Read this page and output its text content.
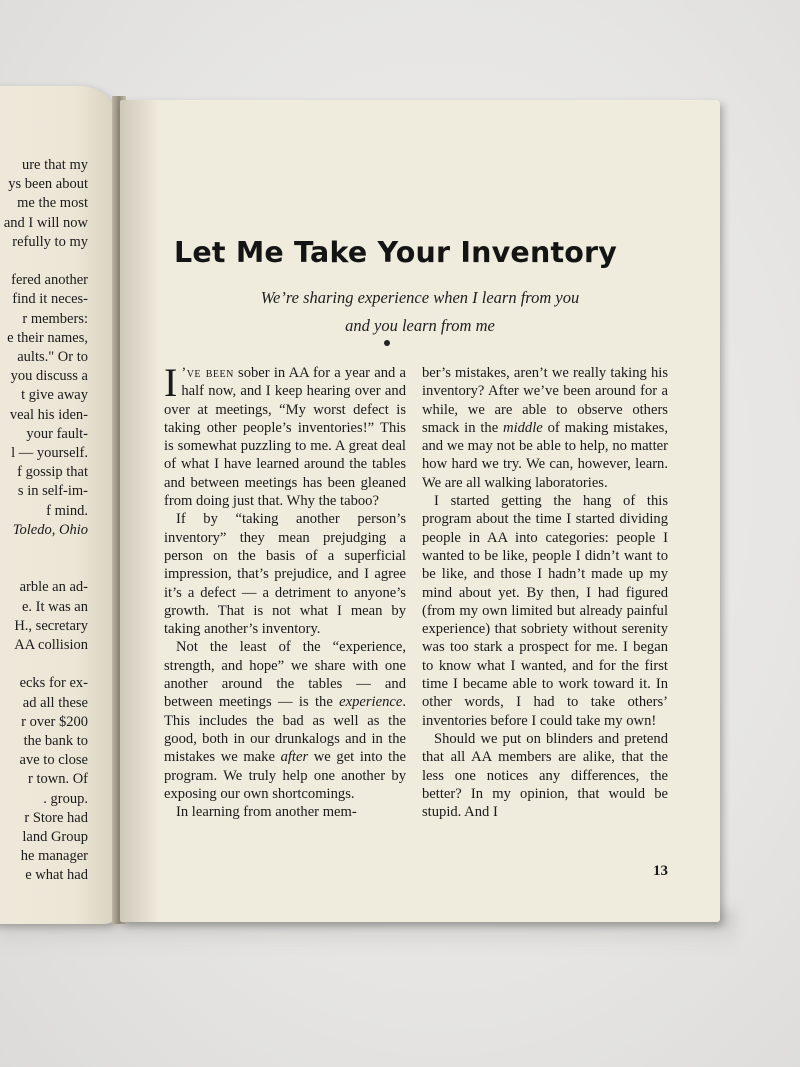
ure that my
ys been about
me the most
and I will now
refully to my
fered another
find it neces-
r members:
e their names,
aults." Or to
you discuss a
t give away
veal his iden-
your fault-
l — yourself.
f gossip that
s in self-im-
f mind.
Toledo, Ohio
arble an ad-
e. It was an
H., secretary
AA collision
ecks for ex-
ad all these
r over $200
the bank to
ave to close
r town. Of
. group.
r Store had
land Group
he manager
e what had
Let Me Take Your Inventory
We’re sharing experience when I learn from you
and you learn from me

I ’ve been sober in AA for a year and a half now, and I keep hearing over and over at meetings, “My worst defect is taking other people’s inventories!” This is somewhat puzzling to me. A great deal of what I have learned around the tables and between meetings has been gleaned from doing just that. Why the taboo?

If by “taking another person’s inventory” they mean prejudging a person on the basis of a superficial impression, that’s prejudice, and I agree it’s a defect — a detriment to anyone’s growth. That is not what I mean by taking another’s inventory.

Not the least of the “experience, strength, and hope” we share with one another around the tables — and between meetings — is the experience. This includes the bad as well as the good, both in our drunkalogs and in the mistakes we make after we get into the program. We truly help one another by exposing our own shortcomings.

In learning from another mem-

ber’s mistakes, aren’t we really taking his inventory? After we’ve been around for a while, we are able to observe others smack in the middle of making mistakes, and we may not be able to help, no matter how hard we try. We can, however, learn. We are all walking laboratories.

I started getting the hang of this program about the time I started dividing people in AA into categories: people I wanted to be like, people I didn’t want to be like, and those I hadn’t made up my mind about yet. By then, I had figured (from my own limited but already painful experience) that sobriety without serenity was too stark a prospect for me. I began to know what I wanted, and for the first time I became able to work toward it. In other words, I had to take others’ inventories before I could take my own!

Should we put on blinders and pretend that all AA members are alike, that the less one notices any differences, the better? In my opinion, that would be stupid. And I

13
